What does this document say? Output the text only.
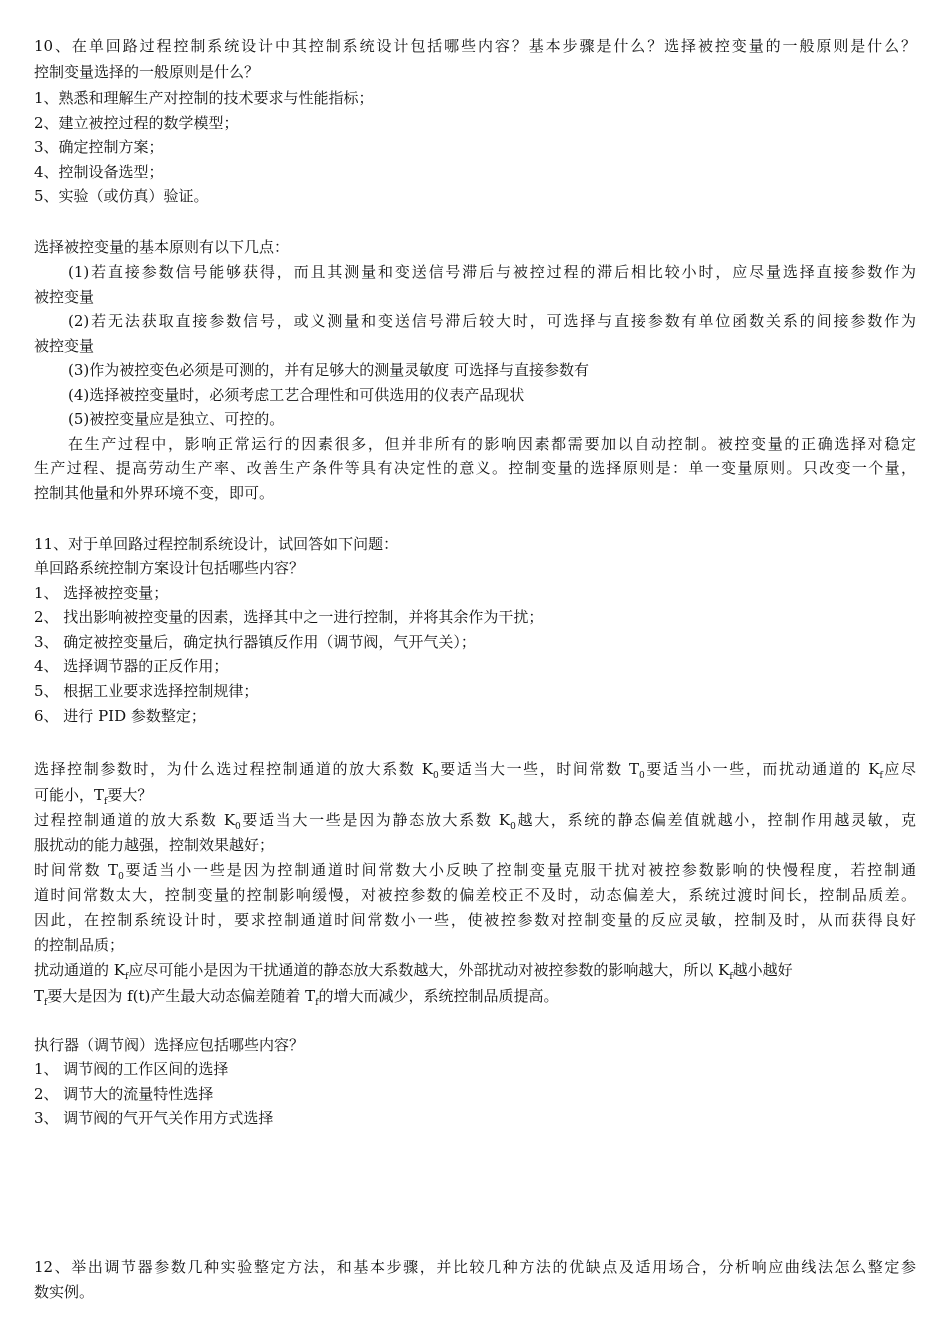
10、在单回路过程控制系统设计中其控制系统设计包括哪些内容？基本步骤是什么？选择被控变量的一般原则是什么？
控制变量选择的一般原则是什么？
1、熟悉和理解生产对控制的技术要求与性能指标；
2、建立被控过程的数学模型；
3、确定控制方案；
4、控制设备选型；
5、实验（或仿真）验证。
选择被控变量的基本原则有以下几点：
(1)若直接参数信号能够获得，而且其测量和变送信号滞后与被控过程的滞后相比较小时，应尽量选择直接参数作为
被控变量
(2)若无法获取直接参数信号，或义测量和变送信号滞后较大时，可选择与直接参数有单位函数关系的间接参数作为
被控变量
(3)作为被控变色必须是可测的，并有足够大的测量灵敏度 可选择与直接参数有
(4)选择被控变量时，必须考虑工艺合理性和可供选用的仪表产品现状
(5)被控变量应是独立、可控的。
在生产过程中，影响正常运行的因素很多，但并非所有的影响因素都需要加以自动控制。被控变量的正确选择对稳定
生产过程、提高劳动生产率、改善生产条件等具有决定性的意义。控制变量的选择原则是：单一变量原则。只改变一个量，
控制其他量和外界环境不变，即可。
11、对于单回路过程控制系统设计，试回答如下问题：
单回路系统控制方案设计包括哪些内容？
1、 选择被控变量；
2、 找出影响被控变量的因素，选择其中之一进行控制，并将其余作为干扰；
3、 确定被控变量后，确定执行器镇反作用（调节阀，气开气关）；
4、 选择调节器的正反作用；
5、 根据工业要求选择控制规律；
6、 进行 PID 参数整定；
选择控制参数时，为什么选过程控制通道的放大系数 $K_0$要适当大一些，时间常数 $T_0$要适当小一些，而扰动通道的 $K_f$应尽
可能小，$T_f$要大？
过程控制通道的放大系数 $K_0$要适当大一些是因为静态放大系数 $K_0$越大，系统的静态偏差值就越小，控制作用越灵敏，克
服扰动的能力越强，控制效果越好；
时间常数 $T_0$要适当小一些是因为控制通道时间常数大小反映了控制变量克服干扰对被控参数影响的快慢程度，若控制通
道时间常数太大，控制变量的控制影响缓慢，对被控参数的偏差校正不及时，动态偏差大，系统过渡时间长，控制品质差。
因此，在控制系统设计时，要求控制通道时间常数小一些，使被控参数对控制变量的反应灵敏，控制及时，从而获得良好
的控制品质；
扰动通道的 $K_f$应尽可能小是因为干扰通道的静态放大系数越大，外部扰动对被控参数的影响越大，所以 $K_f$越小越好
$T_f$要大是因为 f(t)产生最大动态偏差随着 $T_f$的增大而减少，系统控制品质提高。
执行器（调节阀）选择应包括哪些内容？
1、 调节阀的工作区间的选择
2、 调节大的流量特性选择
3、 调节阀的气开气关作用方式选择
12、举出调节器参数几种实验整定方法，和基本步骤，并比较几种方法的优缺点及适用场合，分析响应曲线法怎么整定参
数实例。
